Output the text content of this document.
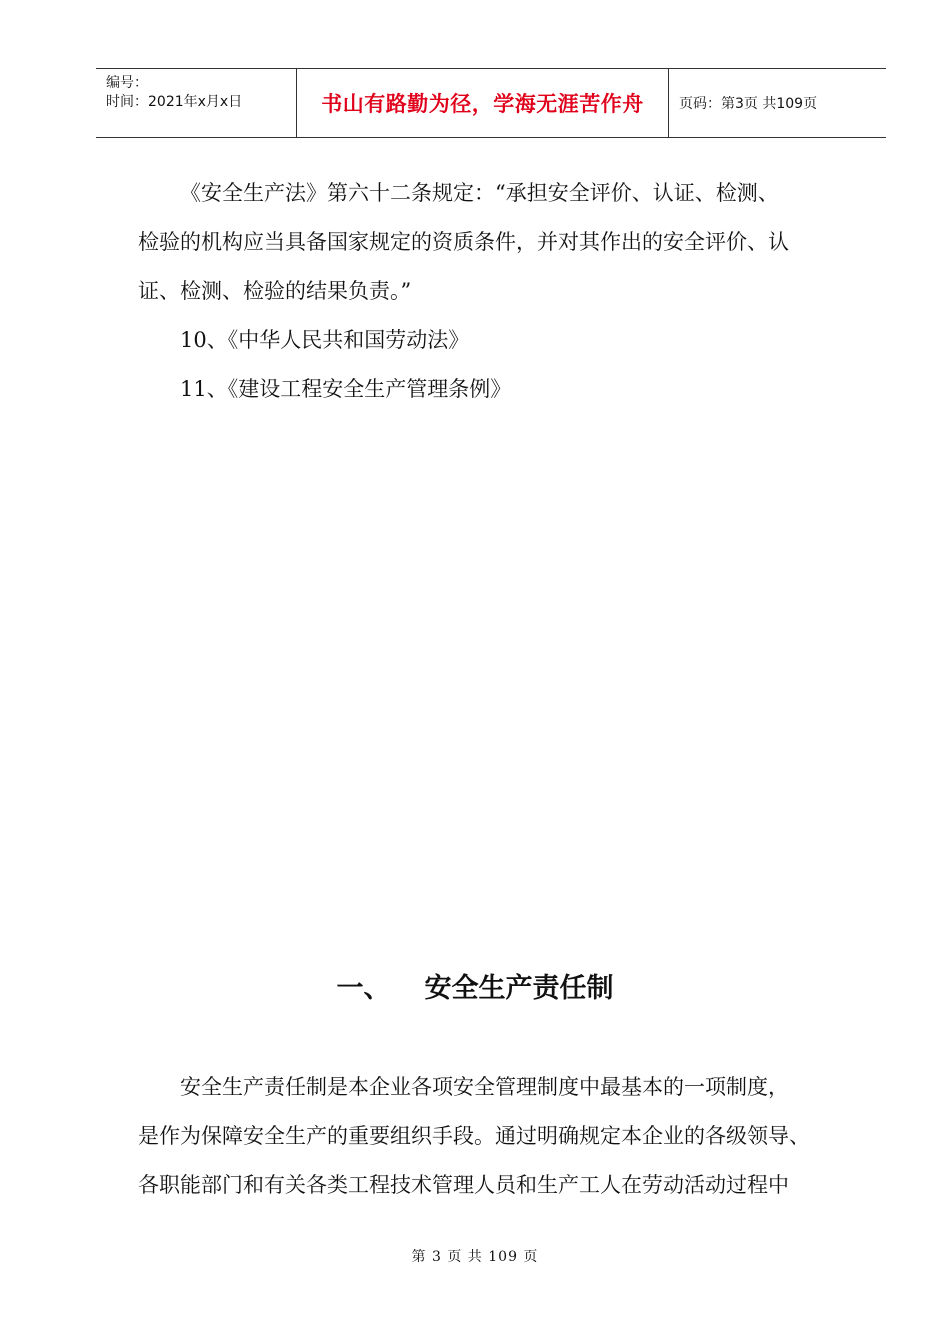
编号：
时间：2021年x月x日	书山有路勤为径，学海无涯苦作舟	页码：第3页 共109页
《安全生产法》第六十二条规定：“承担安全评价、认证、检测、
检验的机构应当具备国家规定的资质条件，并对其作出的安全评价、认
证、检测、检验的结果负责。”
10、《中华人民共和国劳动法》
11、《建设工程安全生产管理条例》
一、 安全生产责任制
安全生产责任制是本企业各项安全管理制度中最基本的一项制度，
是作为保障安全生产的重要组织手段。通过明确规定本企业的各级领导、
各职能部门和有关各类工程技术管理人员和生产工人在劳动活动过程中
第 3 页 共 109 页
